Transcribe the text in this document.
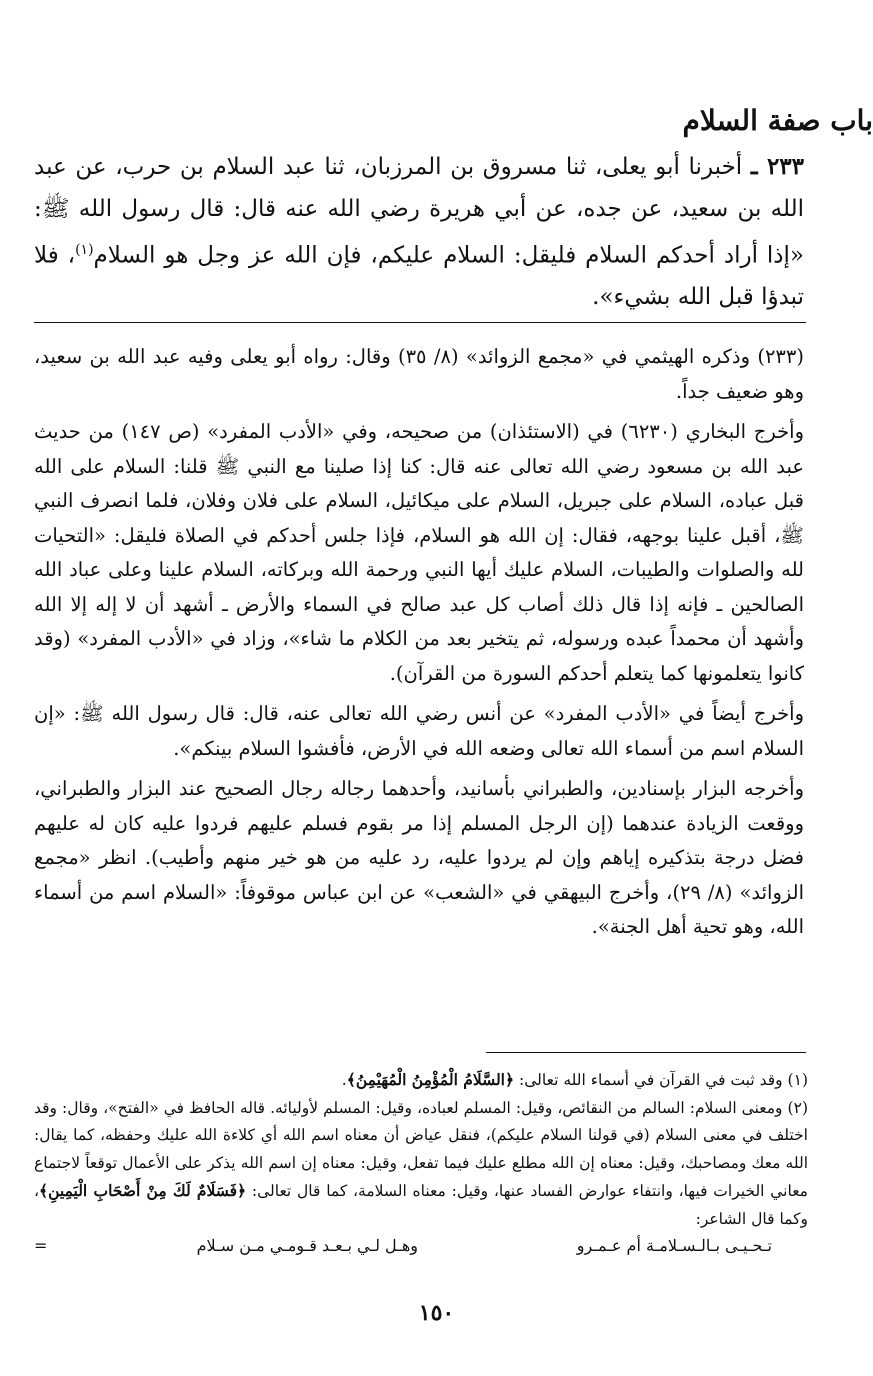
باب صفة السلام
٢٣٣ ـ أخبرنا أبو يعلى، ثنا مسروق بن المرزبان، ثنا عبد السلام بن حرب، عن عبد الله بن سعيد، عن جده، عن أبي هريرة رضي الله عنه قال: قال رسول الله ﷺ: «إذا أراد أحدكم السلام فليقل: السلام عليكم، فإن الله عز وجل هو السلام$^{(١)}$، فلا تبدؤا قبل الله بشيء».

(٢٣٣) وذكره الهيثمي في «مجمع الزوائد» (٨/ ٣٥) وقال: رواه أبو يعلى وفيه عبد الله بن سعيد، وهو ضعيف جداً.

وأخرج البخاري (٦٢٣٠) في (الاستئذان) من صحيحه، وفي «الأدب المفرد» (ص ١٤٧) من حديث عبد الله بن مسعود رضي الله تعالى عنه قال: كنا إذا صلينا مع النبي ﷺ قلنا: السلام على الله قبل عباده، السلام على جبريل، السلام على ميكائيل، السلام على فلان وفلان، فلما انصرف النبي ﷺ، أقبل علينا بوجهه، فقال: إن الله هو السلام، فإذا جلس أحدكم في الصلاة فليقل: «التحيات لله والصلوات والطيبات، السلام عليك أيها النبي ورحمة الله وبركاته، السلام علينا وعلى عباد الله الصالحين ـ فإنه إذا قال ذلك أصاب كل عبد صالح في السماء والأرض ـ أشهد أن لا إله إلا الله وأشهد أن محمداً عبده ورسوله، ثم يتخير بعد من الكلام ما شاء»، وزاد في «الأدب المفرد» (وقد كانوا يتعلمونها كما يتعلم أحدكم السورة من القرآن).

وأخرج أيضاً في «الأدب المفرد» عن أنس رضي الله تعالى عنه، قال: قال رسول الله ﷺ: «إن السلام اسم من أسماء الله تعالى وضعه الله في الأرض، فأفشوا السلام بينكم».

وأخرجه البزار بإسنادين، والطبراني بأسانيد، وأحدهما رجاله رجال الصحيح عند البزار والطبراني، ووقعت الزيادة عندهما (إن الرجل المسلم إذا مر بقوم فسلم عليهم فردوا عليه كان له عليهم فضل درجة بتذكيره إياهم وإن لم يردوا عليه، رد عليه من هو خير منهم وأطيب). انظر «مجمع الزوائد» (٨/ ٢٩)، وأخرج البيهقي في «الشعب» عن ابن عباس موقوفاً: «السلام اسم من أسماء الله، وهو تحية أهل الجنة».

(١) وقد ثبت في القرآن في أسماء الله تعالى: ﴿السَّلَامُ الْمُؤْمِنُ الْمُهَيْمِنُ﴾.

(٢) ومعنى السلام: السالم من النقائص، وقيل: المسلم لعباده، وقيل: المسلم لأوليائه. قاله الحافظ في «الفتح»، وقال: وقد اختلف في معنى السلام (في قولنا السلام عليكم)، فنقل عياض أن معناه اسم الله أي كلاءة الله عليك وحفظه، كما يقال: الله معك ومصاحبك، وقيل: معناه إن الله مطلع عليك فيما تفعل، وقيل: معناه إن اسم الله يذكر على الأعمال توقعاً لاجتماع معاني الخيرات فيها، وانتفاء عوارض الفساد عنها، وقيل: معناه السلامة، كما قال تعالى: ﴿فَسَلَامٌ لَكَ مِنْ أَصْحَابِ الْيَمِينِ﴾، وكما قال الشاعر:

تـحـيـى بـالـسـلامـة أم عـمـرو
وهـل لـي بـعـد قـومـي مـن سـلام
=
١٥٠
